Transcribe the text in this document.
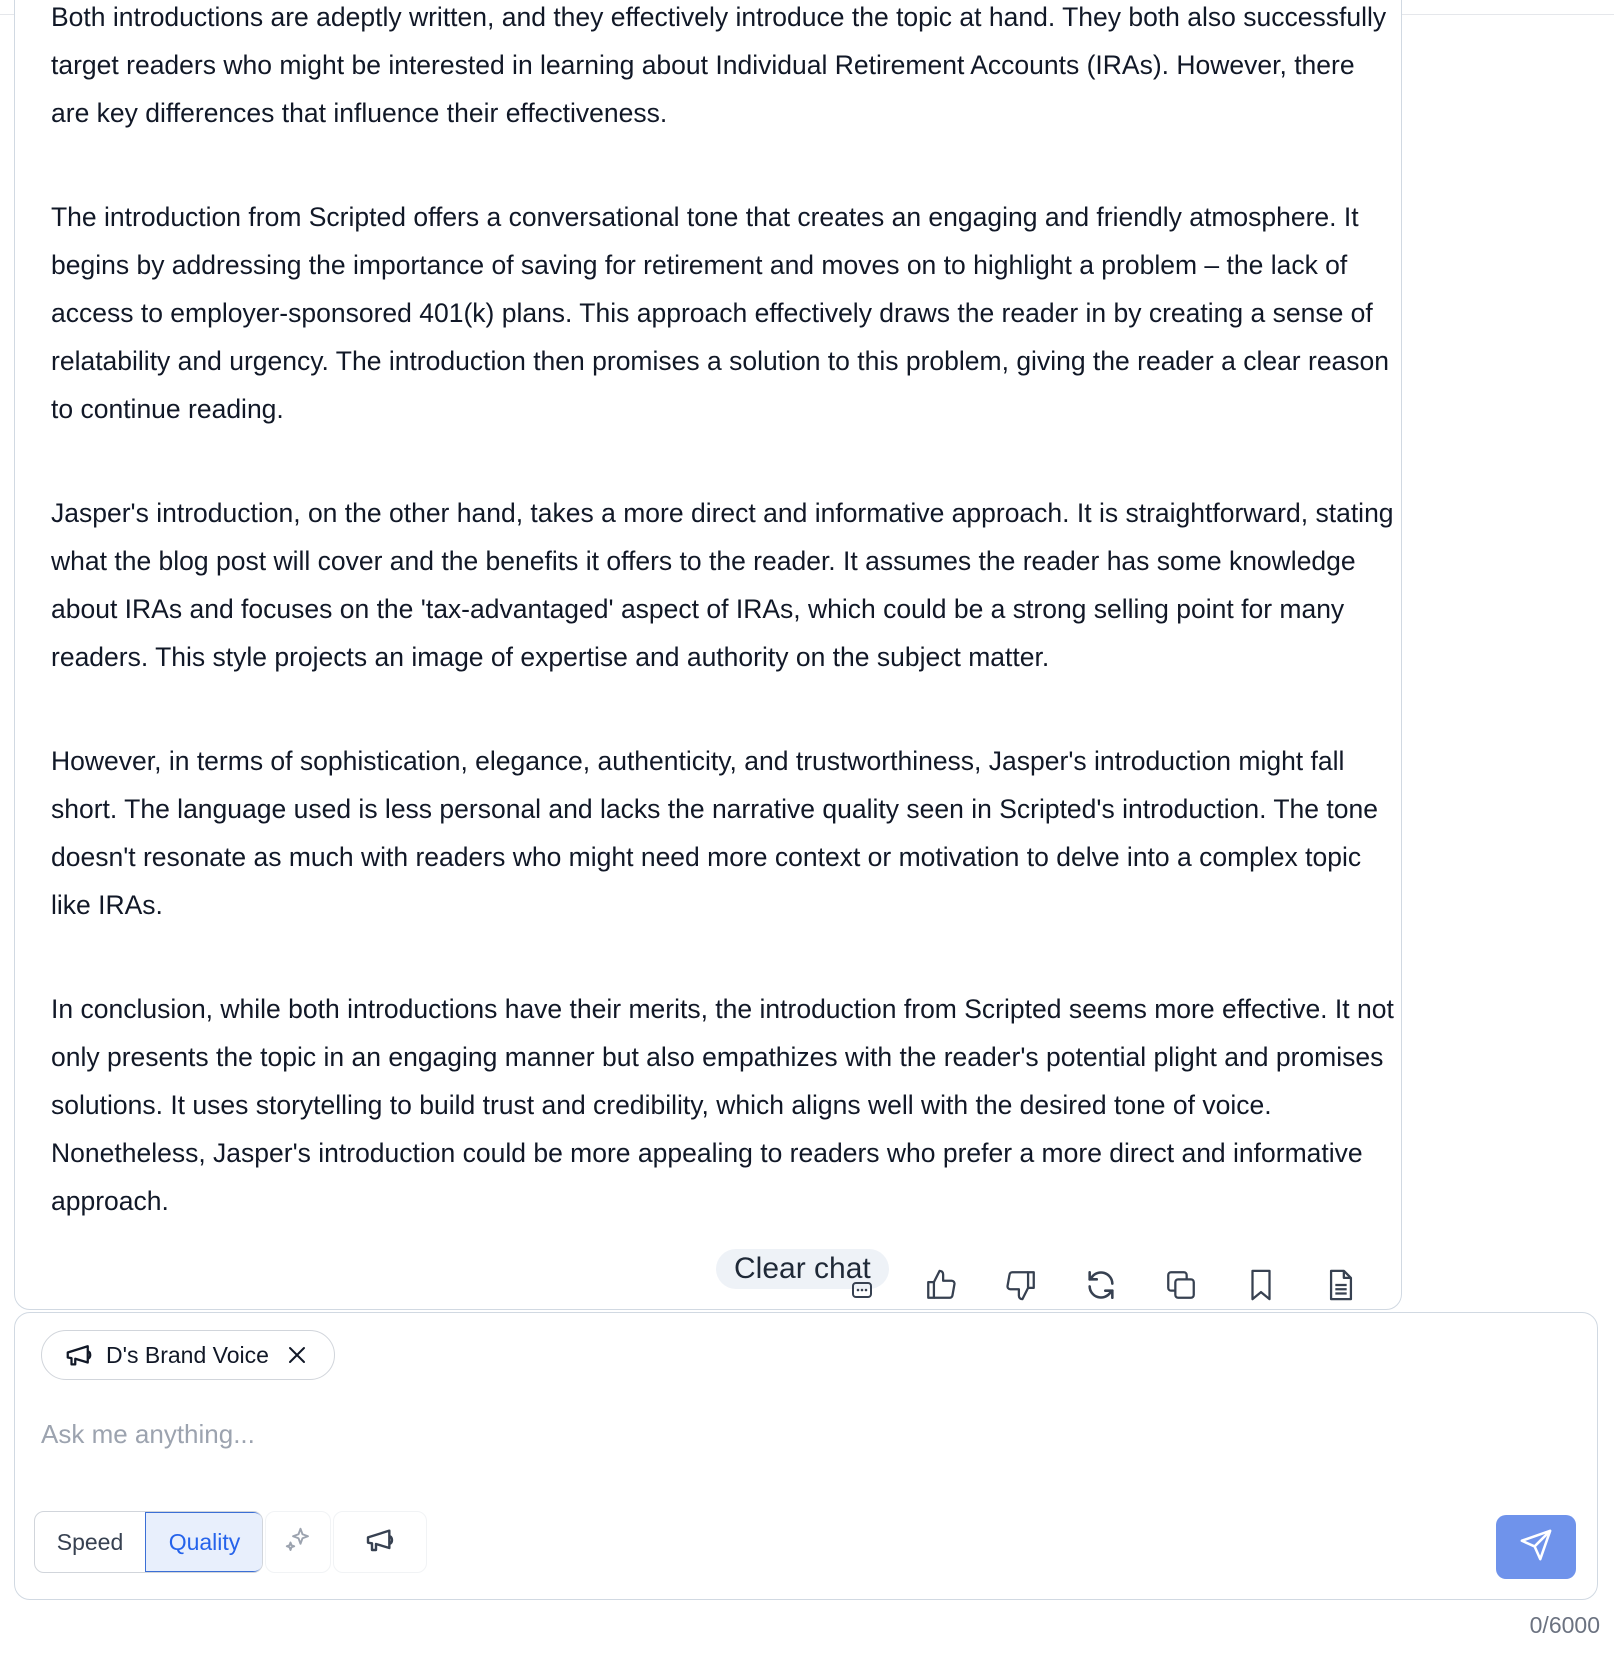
Both introductions are adeptly written, and they effectively introduce the topic at hand. They both also successfully target readers who might be interested in learning about Individual Retirement Accounts (IRAs). However, there are key differences that influence their effectiveness.

The introduction from Scripted offers a conversational tone that creates an engaging and friendly atmosphere. It begins by addressing the importance of saving for retirement and moves on to highlight a problem – the lack of access to employer-sponsored 401(k) plans. This approach effectively draws the reader in by creating a sense of relatability and urgency. The introduction then promises a solution to this problem, giving the reader a clear reason to continue reading.

Jasper's introduction, on the other hand, takes a more direct and informative approach. It is straightforward, stating what the blog post will cover and the benefits it offers to the reader. It assumes the reader has some knowledge about IRAs and focuses on the 'tax-advantaged' aspect of IRAs, which could be a strong selling point for many readers. This style projects an image of expertise and authority on the subject matter.

However, in terms of sophistication, elegance, authenticity, and trustworthiness, Jasper's introduction might fall short. The language used is less personal and lacks the narrative quality seen in Scripted's introduction. The tone doesn't resonate as much with readers who might need more context or motivation to delve into a complex topic like IRAs.

In conclusion, while both introductions have their merits, the introduction from Scripted seems more effective. It not only presents the topic in an engaging manner but also empathizes with the reader's potential plight and promises solutions. It uses storytelling to build trust and credibility, which aligns well with the desired tone of voice. Nonetheless, Jasper's introduction could be more appealing to readers who prefer a more direct and informative approach.

Clear chat
D's Brand Voice
Ask me anything...
Speed	Quality
0/6000
